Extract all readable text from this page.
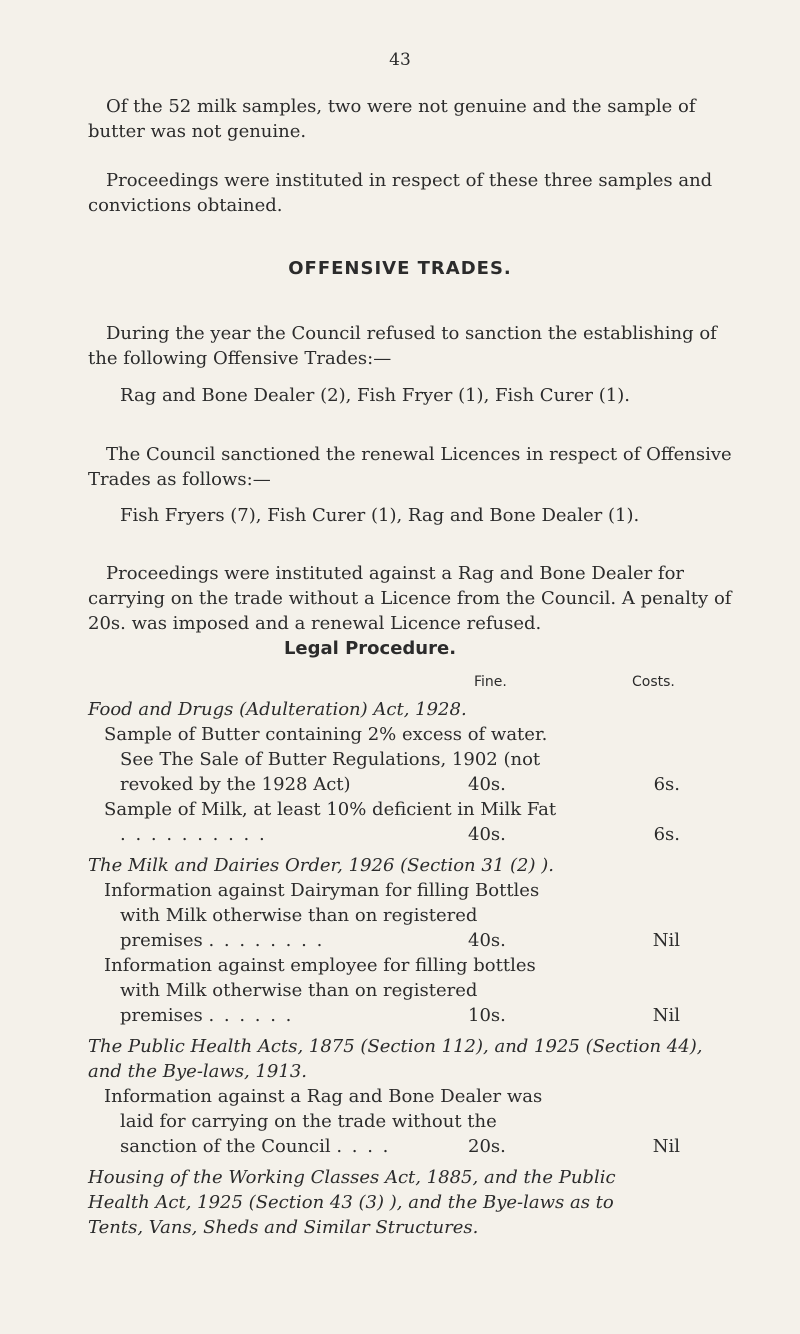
43
Of the 52 milk samples, two were not genuine and the sample of butter was not genuine.
Proceedings were instituted in respect of these three samples and convictions obtained.
OFFENSIVE TRADES.
During the year the Council refused to sanction the establishing of the following Offensive Trades:—
Rag and Bone Dealer (2), Fish Fryer (1), Fish Curer (1).
The Council sanctioned the renewal Licences in respect of Offensive Trades as follows:—
Fish Fryers (7), Fish Curer (1), Rag and Bone Dealer (1).
Proceedings were instituted against a Rag and Bone Dealer for carrying on the trade without a Licence from the Council. A penalty of 20s. was imposed and a renewal Licence refused.
Legal Procedure.
Fine.	Costs.
Food and Drugs (Adulteration) Act, 1928.
Sample of Butter containing 2% excess of water. See The Sale of Butter Regulations, 1902 (not revoked by the 1928 Act)	40s.	6s.
Sample of Milk, at least 10% deficient in Milk Fat . . . . . . . . . .	40s.	6s.
The Milk and Dairies Order, 1926 (Section 31 (2) ).
Information against Dairyman for filling Bottles with Milk otherwise than on registered premises . . . . . . . .	40s.	Nil
Information against employee for filling bottles with Milk otherwise than on registered premises . . . . . .	10s.	Nil
The Public Health Acts, 1875 (Section 112), and 1925 (Section 44), and the Bye-laws, 1913.
Information against a Rag and Bone Dealer was laid for carrying on the trade without the sanction of the Council . . . .	20s.	Nil
Housing of the Working Classes Act, 1885, and the Public Health Act, 1925 (Section 43 (3) ), and the Bye-laws as to Tents, Vans, Sheds and Similar Structures.
